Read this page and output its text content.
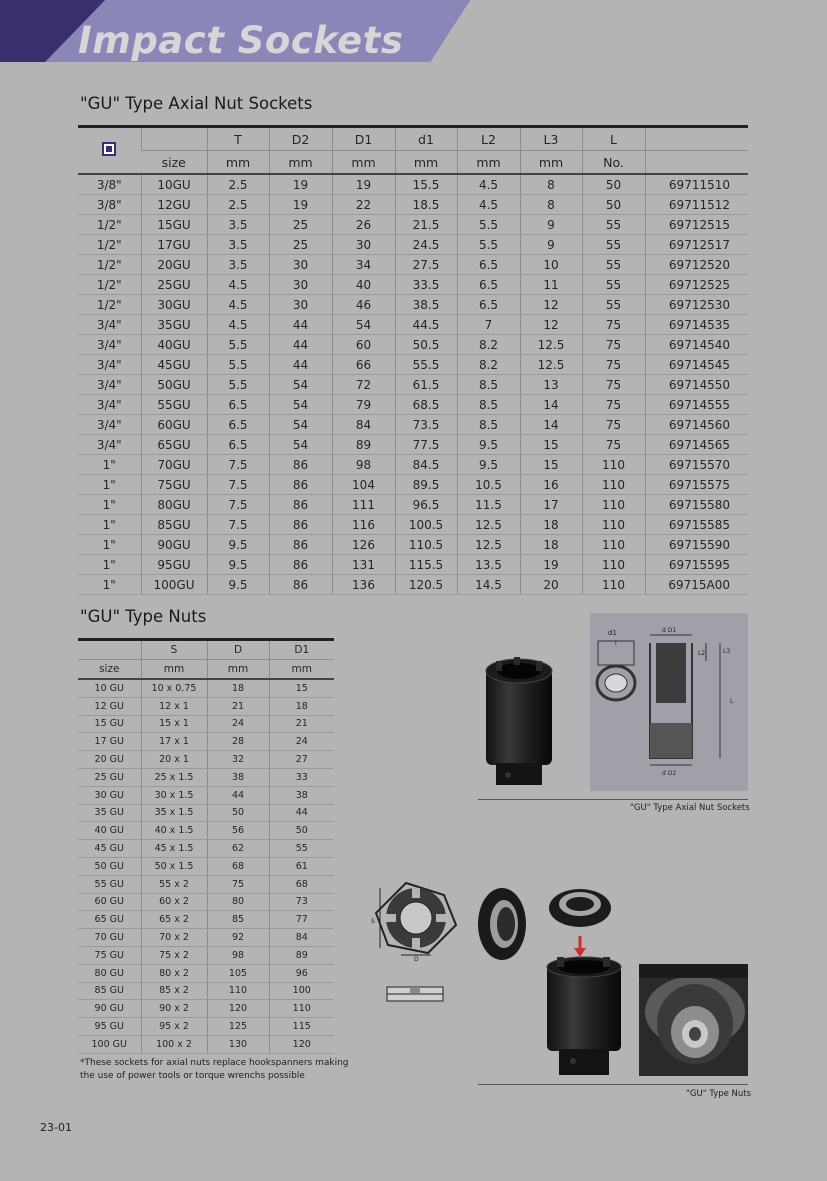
Impact Sockets
"GU" Type Axial Nut Sockets
		T	D2	D1	d1	L2	L3	L	
	size	mm	mm	mm	mm	mm	mm	No.	
3/8"	10GU	2.5	19	19	15.5	4.5	8	50	69711510
3/8"	12GU	2.5	19	22	18.5	4.5	8	50	69711512
1/2"	15GU	3.5	25	26	21.5	5.5	9	55	69712515
1/2"	17GU	3.5	25	30	24.5	5.5	9	55	69712517
1/2"	20GU	3.5	30	34	27.5	6.5	10	55	69712520
1/2"	25GU	4.5	30	40	33.5	6.5	11	55	69712525
1/2"	30GU	4.5	30	46	38.5	6.5	12	55	69712530
3/4"	35GU	4.5	44	54	44.5	7	12	75	69714535
3/4"	40GU	5.5	44	60	50.5	8.2	12.5	75	69714540
3/4"	45GU	5.5	44	66	55.5	8.2	12.5	75	69714545
3/4"	50GU	5.5	54	72	61.5	8.5	13	75	69714550
3/4"	55GU	6.5	54	79	68.5	8.5	14	75	69714555
3/4"	60GU	6.5	54	84	73.5	8.5	14	75	69714560
3/4"	65GU	6.5	54	89	77.5	9.5	15	75	69714565
1"	70GU	7.5	86	98	84.5	9.5	15	110	69715570
1"	75GU	7.5	86	104	89.5	10.5	16	110	69715575
1"	80GU	7.5	86	111	96.5	11.5	17	110	69715580
1"	85GU	7.5	86	116	100.5	12.5	18	110	69715585
1"	90GU	9.5	86	126	110.5	12.5	18	110	69715590
1"	95GU	9.5	86	131	115.5	13.5	19	110	69715595
1"	100GU	9.5	86	136	120.5	14.5	20	110	69715A00
"GU" Type Nuts
	S	D	D1
size	mm	mm	mm
10 GU	10 x 0.75	18	15
12 GU	12 x 1	21	18
15 GU	15 x 1	24	21
17 GU	17 x 1	28	24
20 GU	20 x 1	32	27
25 GU	25 x 1.5	38	33
30 GU	30 x 1.5	44	38
35 GU	35 x 1.5	50	44
40 GU	40 x 1.5	56	50
45 GU	45 x 1.5	62	55
50 GU	50 x 1.5	68	61
55 GU	55 x 2	75	68
60 GU	60 x 2	80	73
65 GU	65 x 2	85	77
70 GU	70 x 2	92	84
75 GU	75 x 2	98	89
80 GU	80 x 2	105	96
85 GU	85 x 2	110	100
90 GU	90 x 2	120	110
95 GU	95 x 2	125	115
100 GU	100 x 2	130	120

*These sockets for axial nuts replace hookspanners making the use of power tools or torque wrenchs possible

d1
T
d D1
L3
L2
L
d D2
"GU" Type Axial Nut Sockets
S
D
"GU" Type Nuts
23-01
